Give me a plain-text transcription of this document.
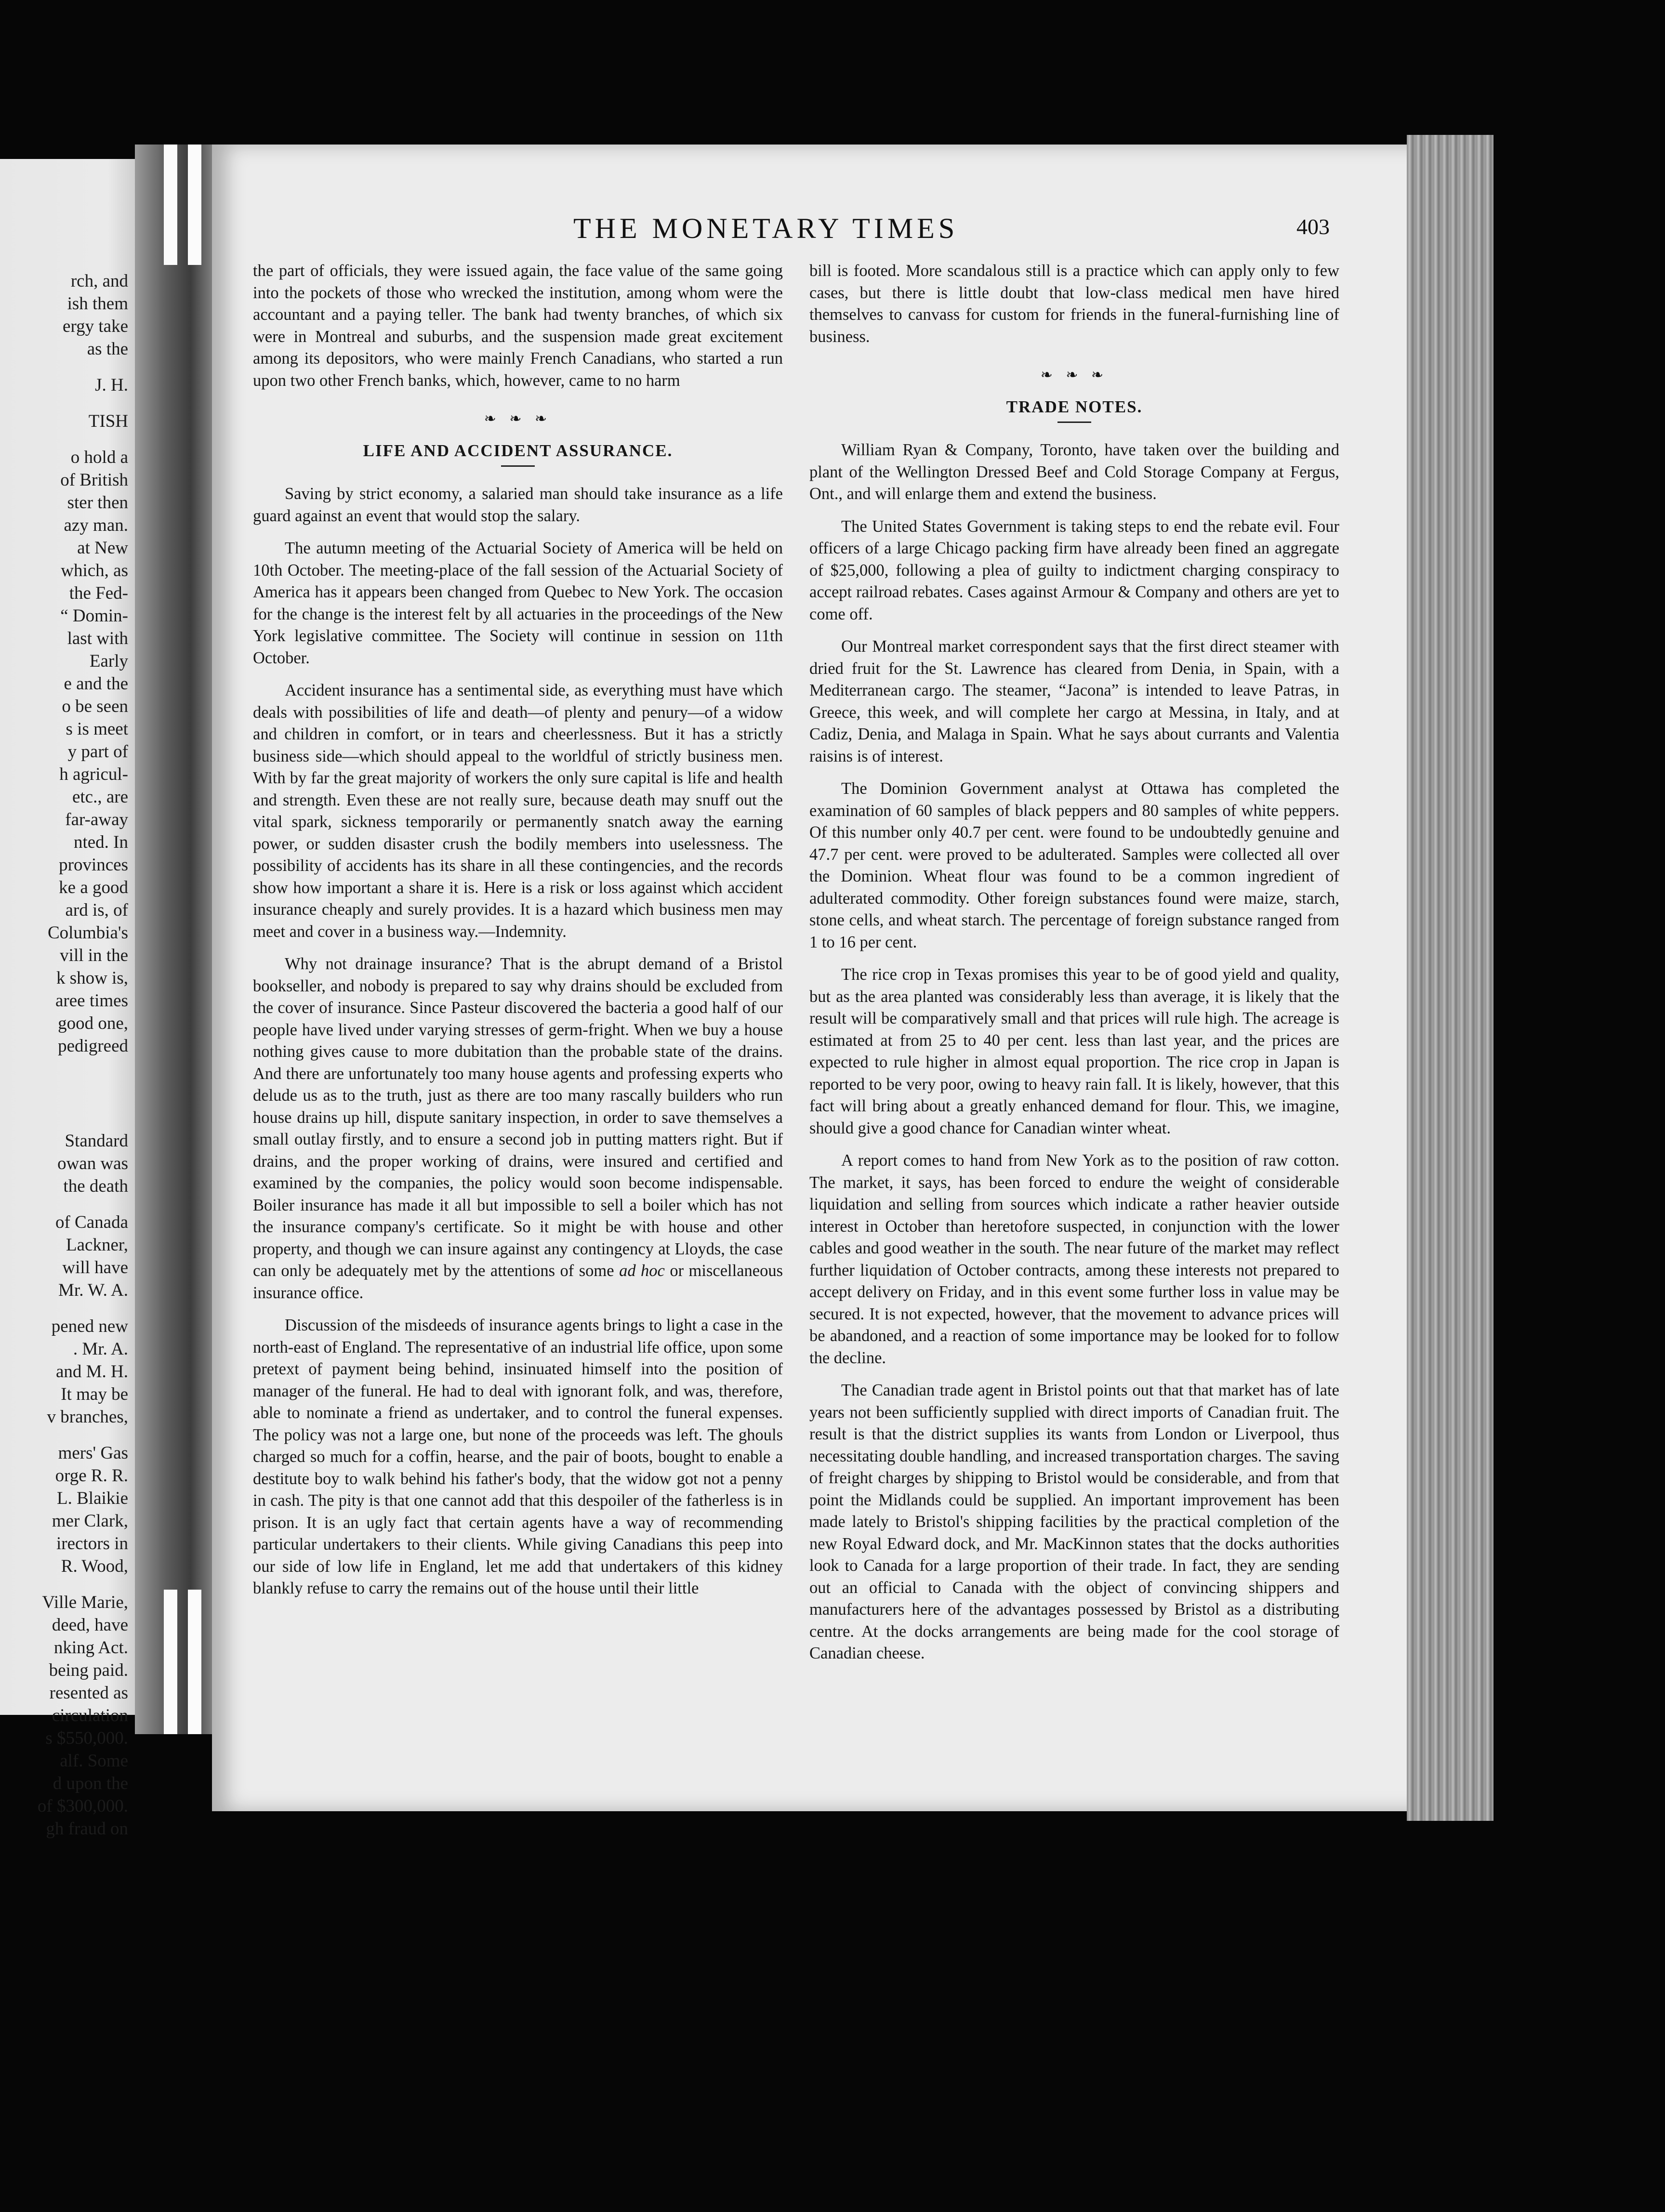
rch, and
ish them
ergy take
as the
J. H.
TISH
o hold a
of British
ster then
azy man.
at New
which, as
the Fed-
“ Domin-
last with
Early
e and the
o be seen
s is meet
y part of
h agricul-
etc., are
far-away
nted. In
provinces
ke a good
ard is, of
Columbia's
vill in the
k show is,
aree times
good one,
pedigreed
Standard
owan was
the death
of Canada
Lackner,
will have
Mr. W. A.
pened new
. Mr. A.
and M. H.
It may be
v branches,
mers' Gas
orge R. R.
L. Blaikie
mer Clark,
irectors in
R. Wood,
Ville Marie,
deed, have
nking Act.
being paid.
resented as
circulation
s $550,000.
alf. Some
d upon the
of $300,000.
gh fraud on
THE MONETARY TIMES	403

the part of officials, they were issued again, the face value of the same going into the pockets of those who wrecked the institution, among whom were the accountant and a paying teller. The bank had twenty branches, of which six were in Montreal and suburbs, and the suspension made great excitement among its depositors, who were mainly French Canadians, who started a run upon two other French banks, which, however, came to no harm

❧ ❧ ❧
LIFE AND ACCIDENT ASSURANCE.

Saving by strict economy, a salaried man should take insurance as a life guard against an event that would stop the salary.

The autumn meeting of the Actuarial Society of America will be held on 10th October. The meeting-place of the fall session of the Actuarial Society of America has it appears been changed from Quebec to New York. The occasion for the change is the interest felt by all actuaries in the proceedings of the New York legislative committee. The Society will continue in session on 11th October.

Accident insurance has a sentimental side, as everything must have which deals with possibilities of life and death—of plenty and penury—of a widow and children in comfort, or in tears and cheerlessness. But it has a strictly business side—which should appeal to the worldful of strictly business men. With by far the great majority of workers the only sure capital is life and health and strength. Even these are not really sure, because death may snuff out the vital spark, sickness temporarily or permanently snatch away the earning power, or sudden disaster crush the bodily members into uselessness. The possibility of accidents has its share in all these contingencies, and the records show how important a share it is. Here is a risk or loss against which accident insurance cheaply and surely provides. It is a hazard which business men may meet and cover in a business way.—Indemnity.

Why not drainage insurance? That is the abrupt demand of a Bristol bookseller, and nobody is prepared to say why drains should be excluded from the cover of insurance. Since Pasteur discovered the bacteria a good half of our people have lived under varying stresses of germ-fright. When we buy a house nothing gives cause to more dubitation than the probable state of the drains. And there are unfortunately too many house agents and professing experts who delude us as to the truth, just as there are too many rascally builders who run house drains up hill, dispute sanitary inspection, in order to save themselves a small outlay firstly, and to ensure a second job in putting matters right. But if drains, and the proper working of drains, were insured and certified and examined by the companies, the policy would soon become indispensable. Boiler insurance has made it all but impossible to sell a boiler which has not the insurance company's certificate. So it might be with house and other property, and though we can insure against any contingency at Lloyds, the case can only be adequately met by the attentions of some ad hoc or miscellaneous insurance office.

Discussion of the misdeeds of insurance agents brings to light a case in the north-east of England. The representative of an industrial life office, upon some pretext of payment being behind, insinuated himself into the position of manager of the funeral. He had to deal with ignorant folk, and was, therefore, able to nominate a friend as undertaker, and to control the funeral expenses. The policy was not a large one, but none of the proceeds was left. The ghouls charged so much for a coffin, hearse, and the pair of boots, bought to enable a destitute boy to walk behind his father's body, that the widow got not a penny in cash. The pity is that one cannot add that this despoiler of the fatherless is in prison. It is an ugly fact that certain agents have a way of recommending particular undertakers to their clients. While giving Canadians this peep into our side of low life in England, let me add that undertakers of this kidney blankly refuse to carry the remains out of the house until their little

bill is footed. More scandalous still is a practice which can apply only to few cases, but there is little doubt that low-class medical men have hired themselves to canvass for custom for friends in the funeral-furnishing line of business.

❧ ❧ ❧
TRADE NOTES.

William Ryan & Company, Toronto, have taken over the building and plant of the Wellington Dressed Beef and Cold Storage Company at Fergus, Ont., and will enlarge them and extend the business.

The United States Government is taking steps to end the rebate evil. Four officers of a large Chicago packing firm have already been fined an aggregate of $25,000, following a plea of guilty to indictment charging conspiracy to accept railroad rebates. Cases against Armour & Company and others are yet to come off.

Our Montreal market correspondent says that the first direct steamer with dried fruit for the St. Lawrence has cleared from Denia, in Spain, with a Mediterranean cargo. The steamer, “Jacona” is intended to leave Patras, in Greece, this week, and will complete her cargo at Messina, in Italy, and at Cadiz, Denia, and Malaga in Spain. What he says about currants and Valentia raisins is of interest.

The Dominion Government analyst at Ottawa has completed the examination of 60 samples of black peppers and 80 samples of white peppers. Of this number only 40.7 per cent. were found to be undoubtedly genuine and 47.7 per cent. were proved to be adulterated. Samples were collected all over the Dominion. Wheat flour was found to be a common ingredient of adulterated commodity. Other foreign substances found were maize, starch, stone cells, and wheat starch. The percentage of foreign substance ranged from 1 to 16 per cent.

The rice crop in Texas promises this year to be of good yield and quality, but as the area planted was considerably less than average, it is likely that the result will be comparatively small and that prices will rule high. The acreage is estimated at from 25 to 40 per cent. less than last year, and the prices are expected to rule higher in almost equal proportion. The rice crop in Japan is reported to be very poor, owing to heavy rain fall. It is likely, however, that this fact will bring about a greatly enhanced demand for flour. This, we imagine, should give a good chance for Canadian winter wheat.

A report comes to hand from New York as to the position of raw cotton. The market, it says, has been forced to endure the weight of considerable liquidation and selling from sources which indicate a rather heavier outside interest in October than heretofore suspected, in conjunction with the lower cables and good weather in the south. The near future of the market may reflect further liquidation of October contracts, among these interests not prepared to accept delivery on Friday, and in this event some further loss in value may be secured. It is not expected, however, that the movement to advance prices will be abandoned, and a reaction of some importance may be looked for to follow the decline.

The Canadian trade agent in Bristol points out that that market has of late years not been sufficiently supplied with direct imports of Canadian fruit. The result is that the district supplies its wants from London or Liverpool, thus necessitating double handling, and increased transportation charges. The saving of freight charges by shipping to Bristol would be considerable, and from that point the Midlands could be supplied. An important improvement has been made lately to Bristol's shipping facilities by the practical completion of the new Royal Edward dock, and Mr. MacKinnon states that the docks authorities look to Canada for a large proportion of their trade. In fact, they are sending out an official to Canada with the object of convincing shippers and manufacturers here of the advantages possessed by Bristol as a distributing centre. At the docks arrangements are being made for the cool storage of Canadian cheese.
